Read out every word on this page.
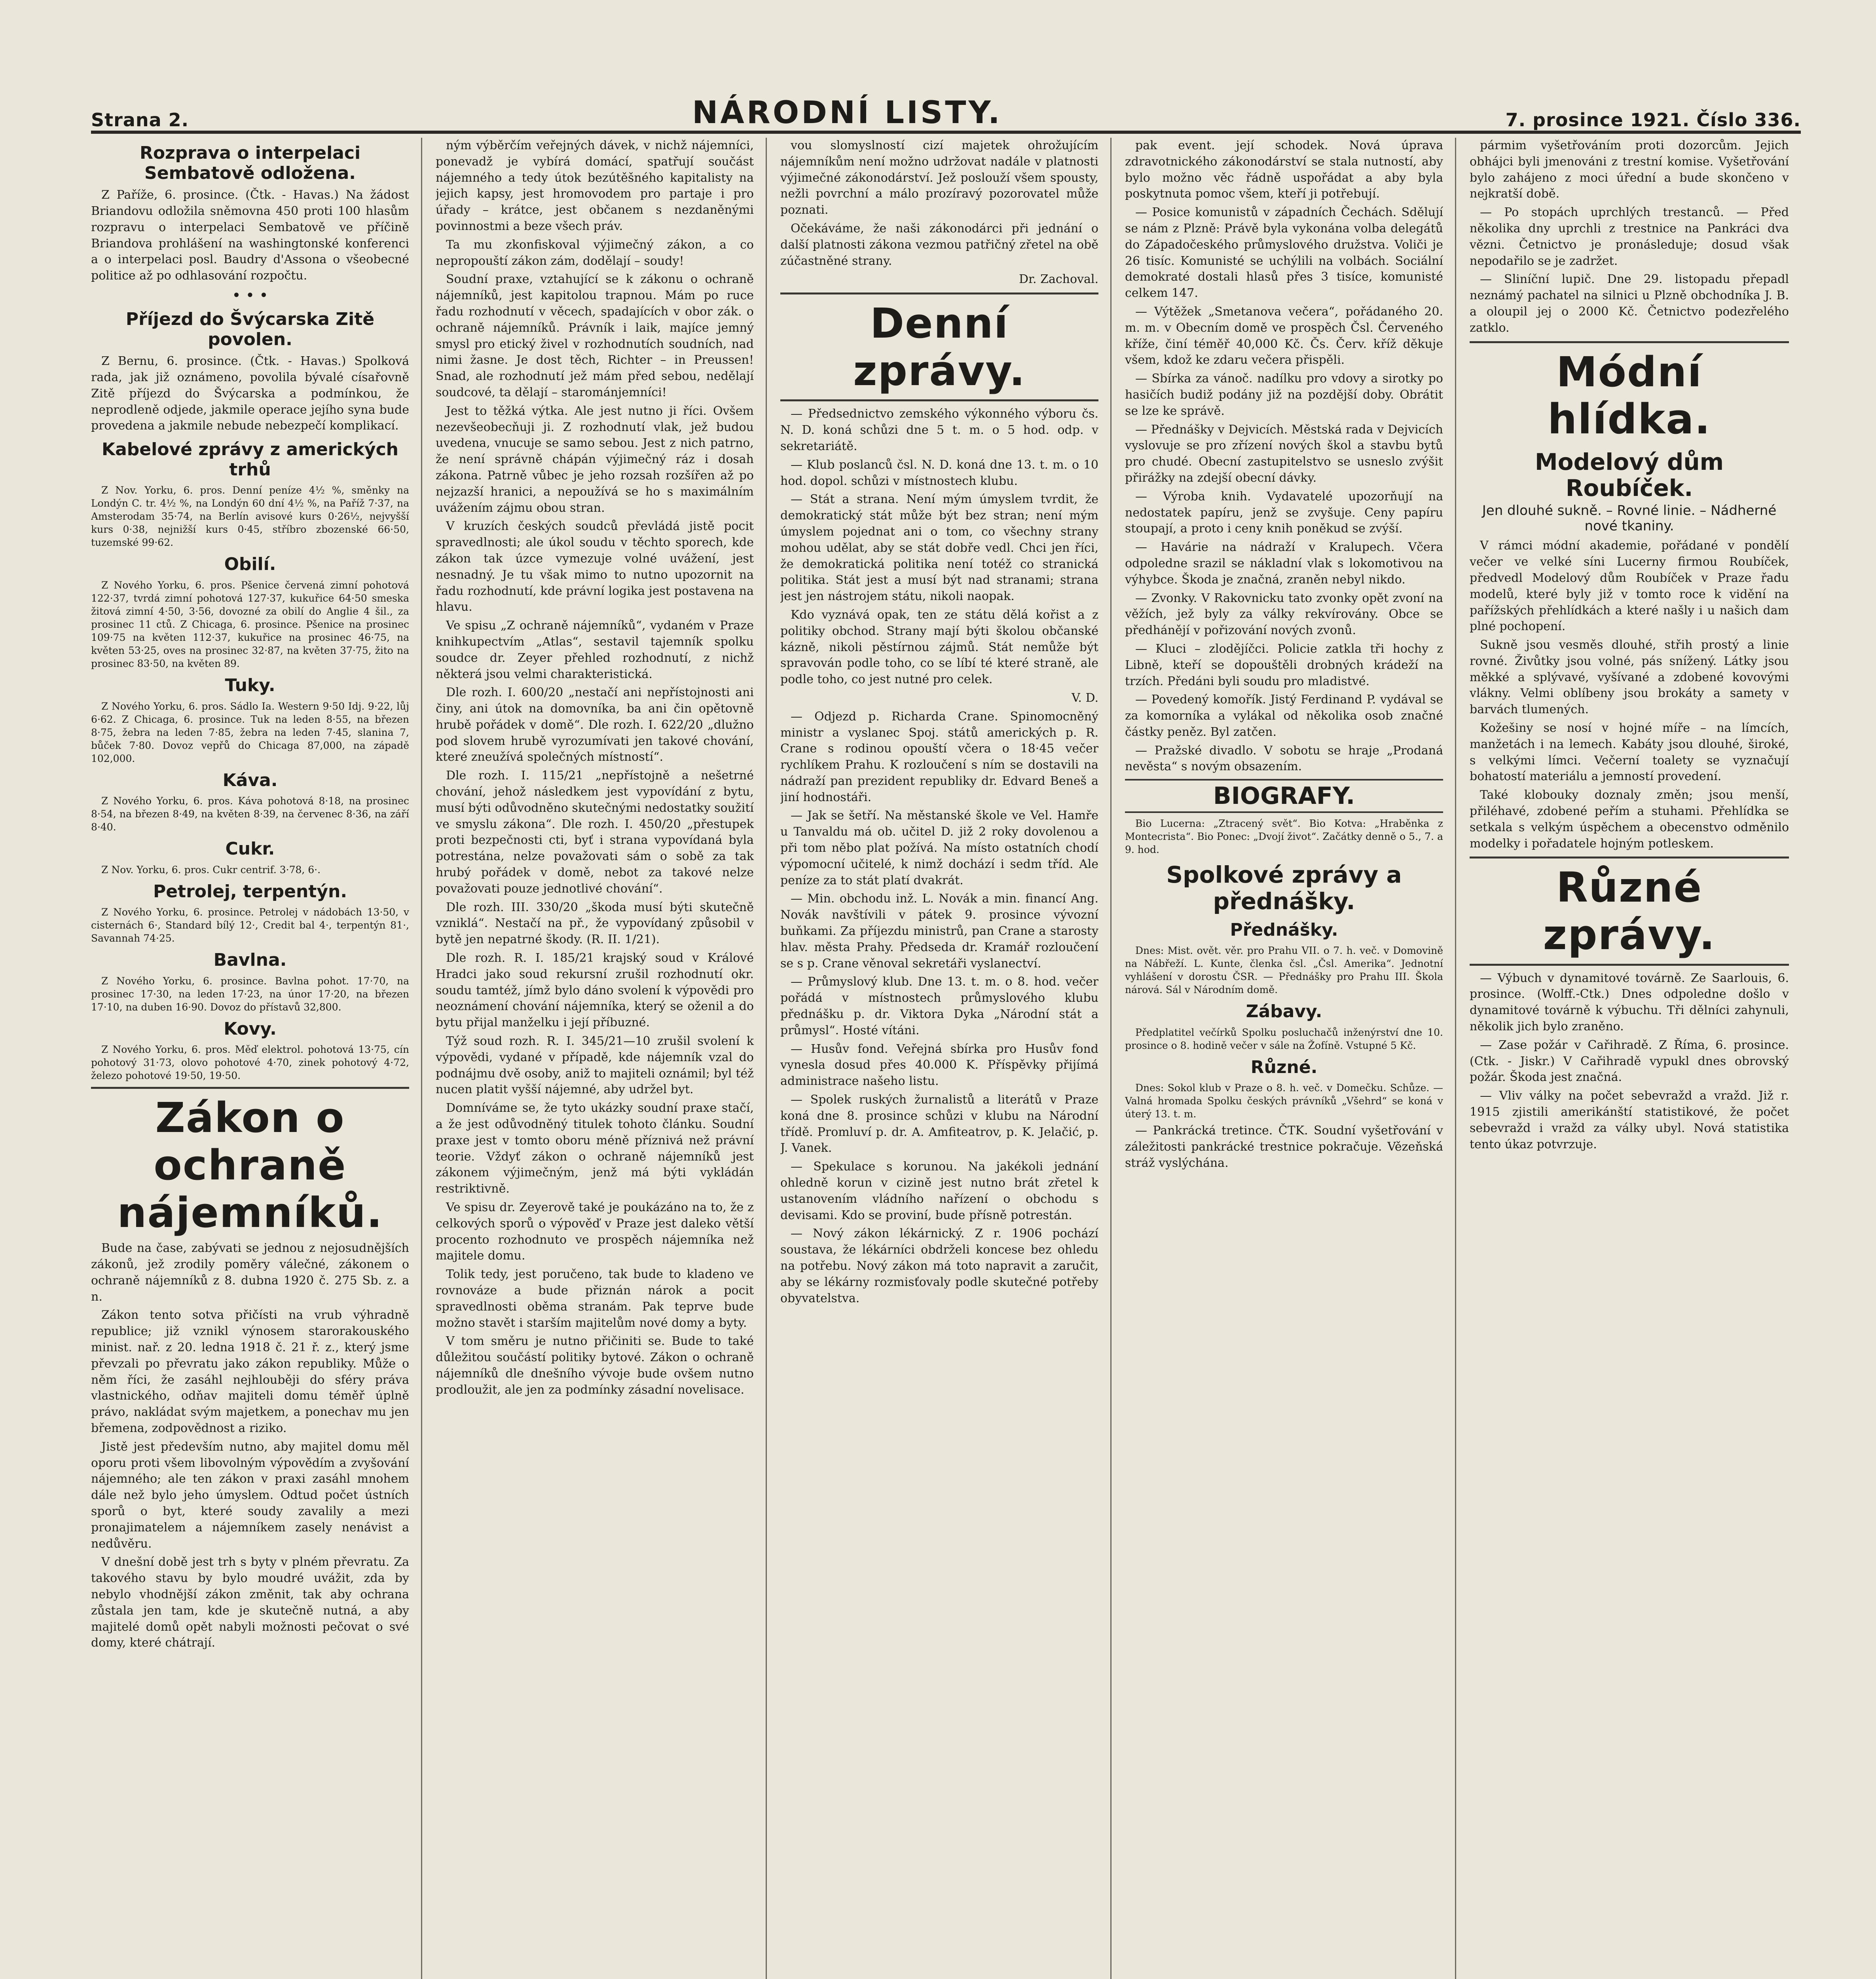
Strana 2.	NÁRODNÍ LISTY.	7. prosince 1921. Číslo 336.
Rozprava o interpelaci Sembatově odložena.

Z Paříže, 6. prosince. (Čtk. - Havas.) Na žádost Briandovu odložila sněmovna 450 proti 100 hlasům rozpravu o interpelaci Sembatově ve příčině Briandova prohlášení na washingtonské konferenci a o interpelaci posl. Baudry d'Assona o všeobecné politice až po odhlasování rozpočtu.

• • •
Příjezd do Švýcarska Zitě povolen.

Z Bernu, 6. prosince. (Čtk. - Havas.) Spolková rada, jak již oznámeno, povolila bývalé císařovně Zitě příjezd do Švýcarska a podmínkou, že neprodleně odjede, jakmile operace jejího syna bude provedena a jakmile nebude nebezpečí komplikací.

Kabelové zprávy z amerických trhů

Z Nov. Yorku, 6. pros. Denní peníze 4½ %, směnky na Londýn C. tr. 4½ %, na Londýn 60 dní 4½ %, na Paříž 7·37, na Amsterodam 35·74, na Berlín avisové kurs 0·26½, nejvyšší kurs 0·38, nejnižší kurs 0·45, stříbro zbozenské 66·50, tuzemské 99·62.

Obilí.

Z Nového Yorku, 6. pros. Pšenice červená zimní pohotová 122·37, tvrdá zimní pohotová 127·37, kukuřice 64·50 smeska žitová zimní 4·50, 3·56, dovozné za obilí do Anglie 4 šil., za prosinec 11 ctů. Z Chicaga, 6. prosince. Pšenice na prosinec 109·75 na květen 112·37, kukuřice na prosinec 46·75, na květen 53·25, oves na prosinec 32·87, na květen 37·75, žito na prosinec 83·50, na květen 89.

Tuky.

Z Nového Yorku, 6. pros. Sádlo Ia. Western 9·50 Idj. 9·22, lůj 6·62. Z Chicaga, 6. prosince. Tuk na leden 8·55, na březen 8·75, žebra na leden 7·85, žebra na leden 7·45, slanina 7, bůček 7·80. Dovoz vepřů do Chicaga 87,000, na západě 102,000.

Káva.

Z Nového Yorku, 6. pros. Káva pohotová 8·18, na prosinec 8·54, na březen 8·49, na květen 8·39, na červenec 8·36, na září 8·40.

Cukr.

Z Nov. Yorku, 6. pros. Cukr centrif. 3·78, 6·.

Petrolej, terpentýn.

Z Nového Yorku, 6. prosince. Petrolej v nádobách 13·50, v cisternách 6·, Standard bílý 12·, Credit bal 4·, terpentýn 81·, Savannah 74·25.

Bavlna.

Z Nového Yorku, 6. prosince. Bavlna pohot. 17·70, na prosinec 17·30, na leden 17·23, na únor 17·20, na březen 17·10, na duben 16·90. Dovoz do přístavů 32,800.

Kovy.

Z Nového Yorku, 6. pros. Měď elektrol. pohotová 13·75, cín pohotový 31·73, olovo pohotové 4·70, zinek pohotový 4·72, železo pohotové 19·50, 19·50.

Zákon o ochraně nájemníků.

Bude na čase, zabývati se jednou z nejosudnějších zákonů, jež zrodily poměry válečné, zákonem o ochraně nájemníků z 8. dubna 1920 č. 275 Sb. z. a n.

Zákon tento sotva přičísti na vrub výhradně republice; již vznikl výnosem starorakouského minist. nař. z 20. ledna 1918 č. 21 ř. z., který jsme převzali po převratu jako zákon republiky. Může o něm říci, že zasáhl nejhlouběji do sféry práva vlastnického, odňav majiteli domu téměř úplně právo, nakládat svým majetkem, a ponechav mu jen břemena, zodpovědnost a riziko.

Jistě jest především nutno, aby majitel domu měl oporu proti všem libovolným výpovědím a zvyšování nájemného; ale ten zákon v praxi zasáhl mnohem dále než bylo jeho úmyslem. Odtud počet ústních sporů o byt, které soudy zavalily a mezi pronajimatelem a nájemníkem zasely nenávist a nedůvěru.

V dnešní době jest trh s byty v plném převratu. Za takového stavu by bylo moudré uvážit, zda by nebylo vhodnější zákon změnit, tak aby ochrana zůstala jen tam, kde je skutečně nutná, a aby majitelé domů opět nabyli možnosti pečovat o své domy, které chátrají.

ným výběrčím veřejných dávek, v nichž nájemníci, ponevadž je vybírá domácí, spatřují součást nájemného a tedy útok bezútěšného kapitalisty na jejich kapsy, jest hromovodem pro partaje i pro úřady – krátce, jest občanem s nezdaněnými povinnostmi a beze všech práv.

Ta mu zkonfiskoval výjimečný zákon, a co nepropouští zákon zám, dodělají – soudy!

Soudní praxe, vztahující se k zákonu o ochraně nájemníků, jest kapitolou trapnou. Mám po ruce řadu rozhodnutí v věcech, spadajících v obor zák. o ochraně nájemníků. Právník i laik, majíce jemný smysl pro etický živel v rozhodnutích soudních, nad nimi žasne. Je dost těch, Richter – in Preussen! Snad, ale rozhodnutí jež mám před sebou, nedělají soudcové, ta dělají – starománjemníci!

Jest to těžká výtka. Ale jest nutno ji říci. Ovšem nezevšeobecňuji ji. Z rozhodnutí vlak, jež budou uvedena, vnucuje se samo sebou. Jest z nich patrno, že není správně chápán výjimečný ráz i dosah zákona. Patrně vůbec je jeho rozsah rozšířen až po nejzazší hranici, a nepoužívá se ho s maximálním uvážením zájmu obou stran.

V kruzích českých soudců převládá jistě pocit spravedlnosti; ale úkol soudu v těchto sporech, kde zákon tak úzce vymezuje volné uvážení, jest nesnadný. Je tu však mimo to nutno upozornit na řadu rozhodnutí, kde právní logika jest postavena na hlavu.

Ve spisu „Z ochraně nájemníků“, vydaném v Praze knihkupectvím „Atlas“, sestavil tajemník spolku soudce dr. Zeyer přehled rozhodnutí, z nichž některá jsou velmi charakteristická.

Dle rozh. I. 600/20 „nestačí ani nepřístojnosti ani činy, ani útok na domovníka, ba ani čin opětovně hrubě pořádek v domě“. Dle rozh. I. 622/20 „dlužno pod slovem hrubě vyrozumívati jen takové chování, které zneužívá společných místností“.

Dle rozh. I. 115/21 „nepřístojně a nešetrné chování, jehož následkem jest vypovídání z bytu, musí býti odůvodněno skutečnými nedostatky soužití ve smyslu zákona“. Dle rozh. I. 450/20 „přestupek proti bezpečnosti cti, byť i strana vypovídaná byla potrestána, nelze považovati sám o sobě za tak hrubý pořádek v domě, nebot za takové nelze považovati pouze jednotlivé chování“.

Dle rozh. III. 330/20 „škoda musí býti skutečně vzniklá“. Nestačí na př., že vypovídaný způsobil v bytě jen nepatrné škody. (R. II. 1/21).

Dle rozh. R. I. 185/21 krajský soud v Králové Hradci jako soud rekursní zrušil rozhodnutí okr. soudu tamtéž, jímž bylo dáno svolení k výpovědi pro neoznámení chování nájemníka, který se oženil a do bytu přijal manželku i její příbuzné.

Týž soud rozh. R. I. 345/21—10 zrušil svolení k výpovědi, vydané v případě, kde nájemník vzal do podnájmu dvě osoby, aniž to majiteli oznámil; byl též nucen platit vyšší nájemné, aby udržel byt.

Domníváme se, že tyto ukázky soudní praxe stačí, a že jest odůvodněný titulek tohoto článku. Soudní praxe jest v tomto oboru méně příznivá než právní teorie. Vždyť zákon o ochraně nájemníků jest zákonem výjimečným, jenž má býti vykládán restriktivně.

Ve spisu dr. Zeyerově také je poukázáno na to, že z celkových sporů o výpověď v Praze jest daleko větší procento rozhodnuto ve prospěch nájemníka než majitele domu.

Tolik tedy, jest poručeno, tak bude to kladeno ve rovnováze a bude přiznán nárok a pocit spravedlnosti oběma stranám. Pak teprve bude možno stavět i starším majitelům nové domy a byty.

V tom směru je nutno přičiniti se. Bude to také důležitou součástí politiky bytové. Zákon o ochraně nájemníků dle dnešního vývoje bude ovšem nutno prodloužit, ale jen za podmínky zásadní novelisace.

vou slomyslností cizí majetek ohrožujícím nájemníkům není možno udržovat nadále v platnosti výjimečné zákonodárství. Jež poslouží všem spousty, nežli povrchní a málo prozíravý pozorovatel může poznati.

Očekáváme, že naši zákonodárci při jednání o další platnosti zákona vezmou patřičný zřetel na obě zúčastněné strany.

Dr. Zachoval.

Denní zprávy.

— Předsednictvo zemského výkonného výboru čs. N. D. koná schůzi dne 5 t. m. o 5 hod. odp. v sekretariátě.

— Klub poslanců čsl. N. D. koná dne 13. t. m. o 10 hod. dopol. schůzi v místnostech klubu.

— Stát a strana. Není mým úmyslem tvrdit, že demokratický stát může být bez stran; není mým úmyslem pojednat ani o tom, co všechny strany mohou udělat, aby se stát dobře vedl. Chci jen říci, že demokratická politika není totéž co stranická politika. Stát jest a musí být nad stranami; strana jest jen nástrojem státu, nikoli naopak.

Kdo vyznává opak, ten ze státu dělá kořist a z politiky obchod. Strany mají býti školou občanské kázně, nikoli pěstírnou zájmů. Stát nemůže být spravován podle toho, co se líbí té které straně, ale podle toho, co jest nutné pro celek.

V. D.

— Odjezd p. Richarda Crane. Spinomocněný ministr a vyslanec Spoj. států amerických p. R. Crane s rodinou opouští včera o 18·45 večer rychlíkem Prahu. K rozloučení s ním se dostavili na nádraží pan prezident republiky dr. Edvard Beneš a jiní hodnostáři.

— Jak se šetří. Na městanské škole ve Vel. Hamře u Tanvaldu má ob. učitel D. již 2 roky dovolenou a při tom něbo plat požívá. Na místo ostatních chodí výpomocní učitelé, k nimž dochází i sedm tříd. Ale peníze za to stát platí dvakrát.

— Min. obchodu inž. L. Novák a min. financí Ang. Novák navštívili v pátek 9. prosince vývozní buňkami. Za příjezdu ministrů, pan Crane a starosty hlav. města Prahy. Předseda dr. Kramář rozloučení se s p. Crane věnoval sekretáři vyslanectví.

— Průmyslový klub. Dne 13. t. m. o 8. hod. večer pořádá v místnostech průmyslového klubu přednášku p. dr. Viktora Dyka „Národní stát a průmysl“. Hosté vítáni.

— Husův fond. Veřejná sbírka pro Husův fond vynesla dosud přes 40.000 K. Příspěvky přijímá administrace našeho listu.

— Spolek ruských žurnalistů a literátů v Praze koná dne 8. prosince schůzi v klubu na Národní třídě. Promluví p. dr. A. Amfiteatrov, p. K. Jelačić, p. J. Vanek.

— Spekulace s korunou. Na jakékoli jednání ohledně korun v cizině jest nutno brát zřetel k ustanovením vládního nařízení o obchodu s devisami. Kdo se proviní, bude přísně potrestán.

— Nový zákon lékárnický. Z r. 1906 pochází soustava, že lékárníci obdrželi koncese bez ohledu na potřebu. Nový zákon má toto napravit a zaručit, aby se lékárny rozmisťovaly podle skutečné potřeby obyvatelstva.

pak event. její schodek. Nová úprava zdravotnického zákonodárství se stala nutností, aby bylo možno věc řádně uspořádat a aby byla poskytnuta pomoc všem, kteří ji potřebují.

— Posice komunistů v západních Čechách. Sdělují se nám z Plzně: Právě byla vykonána volba delegátů do Západočeského průmyslového družstva. Voliči je 26 tisíc. Komunisté se uchýlili na volbách. Sociální demokraté dostali hlasů přes 3 tisíce, komunisté celkem 147.

— Výtěžek „Smetanova večera“, pořádaného 20. m. m. v Obecním domě ve prospěch Čsl. Červeného kříže, činí téměř 40,000 Kč. Čs. Červ. kříž děkuje všem, kdož ke zdaru večera přispěli.

— Sbírka za vánoč. nadílku pro vdovy a sirotky po hasičích budiž podány již na pozdější doby. Obrátit se lze ke správě.

— Přednášky v Dejvicích. Městská rada v Dejvicích vyslovuje se pro zřízení nových škol a stavbu bytů pro chudé. Obecní zastupitelstvo se usneslo zvýšit přirážky na zdejší obecní dávky.

— Výroba knih. Vydavatelé upozorňují na nedostatek papíru, jenž se zvyšuje. Ceny papíru stoupají, a proto i ceny knih poněkud se zvýší.

— Havárie na nádraží v Kralupech. Včera odpoledne srazil se nákladní vlak s lokomotivou na výhybce. Škoda je značná, zraněn nebyl nikdo.

— Zvonky. V Rakovnicku tato zvonky opět zvoní na věžích, jež byly za války rekvírovány. Obce se předhánějí v pořizování nových zvonů.

— Kluci – zlodějíčci. Policie zatkla tři hochy z Libně, kteří se dopouštěli drobných krádeží na trzích. Předáni byli soudu pro mladistvé.

— Povedený komořík. Jistý Ferdinand P. vydával se za komorníka a vylákal od několika osob značné částky peněz. Byl zatčen.

— Pražské divadlo. V sobotu se hraje „Prodaná nevěsta“ s novým obsazením.

BIOGRAFY.

Bio Lucerna: „Ztracený svět“. Bio Kotva: „Hraběnka z Montecrista“. Bio Ponec: „Dvojí život“. Začátky denně o 5., 7. a 9. hod.

Spolkové zprávy a přednášky.
Přednášky.

Dnes: Mist. ovět. věr. pro Prahu VII. o 7. h. več. v Domovině na Nábřeží. L. Kunte, členka čsl. „Čsl. Amerika“. Jednotní vyhlášení v dorostu ČSR. — Přednášky pro Prahu III. Škola nárová. Sál v Národním domě.

Zábavy.

Předplatitel večírků Spolku posluchačů inženýrství dne 10. prosince o 8. hodině večer v sále na Žofíně. Vstupné 5 Kč.

Různé.

Dnes: Sokol klub v Praze o 8. h. več. v Domečku. Schůze. — Valná hromada Spolku českých právníků „Všehrd“ se koná v úterý 13. t. m.

— Pankrácká tretince. ČTK. Soudní vyšetřování v záležitosti pankrácké trestnice pokračuje. Vězeňská stráž vyslýchána.

pármim vyšetřováním proti dozorcům. Jejich obhájci byli jmenováni z trestní komise. Vyšetřování bylo zahájeno z moci úřední a bude skončeno v nejkratší době.

— Po stopách uprchlých trestanců. — Před několika dny uprchli z trestnice na Pankráci dva vězni. Četnictvo je pronásleduje; dosud však nepodařilo se je zadržet.

— Sliníční lupič. Dne 29. listopadu přepadl neznámý pachatel na silnici u Plzně obchodníka J. B. a oloupil jej o 2000 Kč. Četnictvo podezřelého zatklo.

Módní hlídka.
Modelový dům Roubíček.
Jen dlouhé sukně. – Rovné linie. – Nádherné nové tkaniny.

V rámci módní akademie, pořádané v pondělí večer ve velké síni Lucerny firmou Roubíček, předvedl Modelový dům Roubíček v Praze řadu modelů, které byly již v tomto roce k vidění na pařížských přehlídkách a které našly i u našich dam plné pochopení.

Sukně jsou vesměs dlouhé, střih prostý a linie rovné. Živůtky jsou volné, pás snížený. Látky jsou měkké a splývavé, vyšívané a zdobené kovovými vlákny. Velmi oblíbeny jsou brokáty a samety v barvách tlumených.

Kožešiny se nosí v hojné míře – na límcích, manžetách i na lemech. Kabáty jsou dlouhé, široké, s velkými límci. Večerní toalety se vyznačují bohatostí materiálu a jemností provedení.

Také klobouky doznaly změn; jsou menší, přiléhavé, zdobené peřím a stuhami. Přehlídka se setkala s velkým úspěchem a obecenstvo odměnilo modelky i pořadatele hojným potleskem.

Různé zprávy.

— Výbuch v dynamitové továrně. Ze Saarlouis, 6. prosince. (Wolff.-Ctk.) Dnes odpoledne došlo v dynamitové továrně k výbuchu. Tři dělníci zahynuli, několik jich bylo zraněno.

— Zase požár v Cařihradě. Z Říma, 6. prosince. (Ctk. - Jiskr.) V Cařihradě vypukl dnes obrovský požár. Škoda jest značná.

— Vliv války na počet sebevražd a vražd. Již r. 1915 zjistili amerikánští statistikové, že počet sebevražd i vražd za války ubyl. Nová statistika tento úkaz potvrzuje.
